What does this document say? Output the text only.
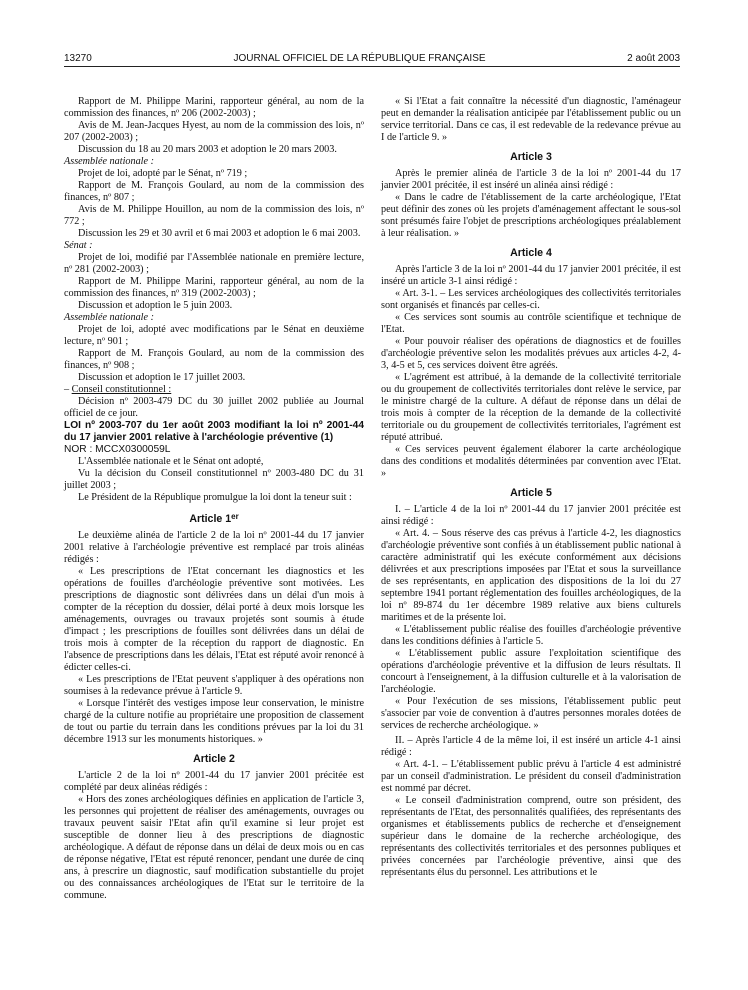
13270	JOURNAL OFFICIEL DE LA RÉPUBLIQUE FRANÇAISE	2 août 2003

Rapport de M. Philippe Marini, rapporteur général, au nom de la commission des finances, nº 206 (2002-2003) ;

Avis de M. Jean-Jacques Hyest, au nom de la commission des lois, nº 207 (2002-2003) ;

Discussion du 18 au 20 mars 2003 et adoption le 20 mars 2003.

Assemblée nationale :

Projet de loi, adopté par le Sénat, nº 719 ;

Rapport de M. François Goulard, au nom de la commission des finances, nº 807 ;

Avis de M. Philippe Houillon, au nom de la commission des lois, nº 772 ;

Discussion les 29 et 30 avril et 6 mai 2003 et adoption le 6 mai 2003.

Sénat :

Projet de loi, modifié par l'Assemblée nationale en première lecture, nº 281 (2002-2003) ;

Rapport de M. Philippe Marini, rapporteur général, au nom de la commission des finances, nº 319 (2002-2003) ;

Discussion et adoption le 5 juin 2003.

Assemblée nationale :

Projet de loi, adopté avec modifications par le Sénat en deuxième lecture, nº 901 ;

Rapport de M. François Goulard, au nom de la commission des finances, nº 908 ;

Discussion et adoption le 17 juillet 2003.

– Conseil constitutionnel :

Décision nº 2003-479 DC du 30 juillet 2002 publiée au Journal officiel de ce jour.

LOI nº 2003-707 du 1er août 2003 modifiant la loi nº 2001-44 du 17 janvier 2001 relative à l'archéologie préventive (1)

NOR : MCCX0300059L

L'Assemblée nationale et le Sénat ont adopté,

Vu la décision du Conseil constitutionnel nº 2003-480 DC du 31 juillet 2003 ;

Le Président de la République promulgue la loi dont la teneur suit :

Article 1er

Le deuxième alinéa de l'article 2 de la loi nº 2001-44 du 17 janvier 2001 relative à l'archéologie préventive est remplacé par trois alinéas rédigés :

« Les prescriptions de l'Etat concernant les diagnostics et les opérations de fouilles d'archéologie préventive sont motivées. Les prescriptions de diagnostic sont délivrées dans un délai d'un mois à compter de la réception du dossier, délai porté à deux mois lorsque les aménagements, ouvrages ou travaux projetés sont soumis à étude d'impact ; les prescriptions de fouilles sont délivrées dans un délai de trois mois à compter de la réception du rapport de diagnostic. En l'absence de prescriptions dans les délais, l'Etat est réputé avoir renoncé à édicter celles-ci.

« Les prescriptions de l'Etat peuvent s'appliquer à des opérations non soumises à la redevance prévue à l'article 9.

« Lorsque l'intérêt des vestiges impose leur conservation, le ministre chargé de la culture notifie au propriétaire une proposition de classement de tout ou partie du terrain dans les conditions prévues par la loi du 31 décembre 1913 sur les monuments historiques. »

Article 2

L'article 2 de la loi nº 2001-44 du 17 janvier 2001 précitée est complété par deux alinéas rédigés :

« Hors des zones archéologiques définies en application de l'article 3, les personnes qui projettent de réaliser des aménagements, ouvrages ou travaux peuvent saisir l'Etat afin qu'il examine si leur projet est susceptible de donner lieu à des prescriptions de diagnostic archéologique. A défaut de réponse dans un délai de deux mois ou en cas de réponse négative, l'Etat est réputé renoncer, pendant une durée de cinq ans, à prescrire un diagnostic, sauf modification substantielle du projet ou des connaissances archéologiques de l'Etat sur le territoire de la commune.

« Si l'Etat a fait connaître la nécessité d'un diagnostic, l'aménageur peut en demander la réalisation anticipée par l'établissement public ou un service territorial. Dans ce cas, il est redevable de la redevance prévue au I de l'article 9. »

Article 3

Après le premier alinéa de l'article 3 de la loi nº 2001-44 du 17 janvier 2001 précitée, il est inséré un alinéa ainsi rédigé :

« Dans le cadre de l'établissement de la carte archéologique, l'Etat peut définir des zones où les projets d'aménagement affectant le sous-sol sont présumés faire l'objet de prescriptions archéologiques préalablement à leur réalisation. »

Article 4

Après l'article 3 de la loi nº 2001-44 du 17 janvier 2001 précitée, il est inséré un article 3-1 ainsi rédigé :

« Art. 3-1. – Les services archéologiques des collectivités territoriales sont organisés et financés par celles-ci.

« Ces services sont soumis au contrôle scientifique et technique de l'Etat.

« Pour pouvoir réaliser des opérations de diagnostics et de fouilles d'archéologie préventive selon les modalités prévues aux articles 4-2, 4-3, 4-5 et 5, ces services doivent être agréés.

« L'agrément est attribué, à la demande de la collectivité territoriale ou du groupement de collectivités territoriales dont relève le service, par le ministre chargé de la culture. A défaut de réponse dans un délai de trois mois à compter de la réception de la demande de la collectivité territoriale ou du groupement de collectivités territoriales, l'agrément est réputé attribué.

« Ces services peuvent également élaborer la carte archéologique dans des conditions et modalités déterminées par convention avec l'Etat. »

Article 5

I. – L'article 4 de la loi nº 2001-44 du 17 janvier 2001 précitée est ainsi rédigé :

« Art. 4. – Sous réserve des cas prévus à l'article 4-2, les diagnostics d'archéologie préventive sont confiés à un établissement public national à caractère administratif qui les exécute conformément aux décisions délivrées et aux prescriptions imposées par l'Etat et sous la surveillance de ses représentants, en application des dispositions de la loi du 27 septembre 1941 portant réglementation des fouilles archéologiques, de la loi nº 89-874 du 1er décembre 1989 relative aux biens culturels maritimes et de la présente loi.

« L'établissement public réalise des fouilles d'archéologie préventive dans les conditions définies à l'article 5.

« L'établissement public assure l'exploitation scientifique des opérations d'archéologie préventive et la diffusion de leurs résultats. Il concourt à l'enseignement, à la diffusion culturelle et à la valorisation de l'archéologie.

« Pour l'exécution de ses missions, l'établissement public peut s'associer par voie de convention à d'autres personnes morales dotées de services de recherche archéologique. »

II. – Après l'article 4 de la même loi, il est inséré un article 4-1 ainsi rédigé :

« Art. 4-1. – L'établissement public prévu à l'article 4 est administré par un conseil d'administration. Le président du conseil d'administration est nommé par décret.

« Le conseil d'administration comprend, outre son président, des représentants de l'Etat, des personnalités qualifiées, des représentants des organismes et établissements publics de recherche et d'enseignement supérieur dans le domaine de la recherche archéologique, des représentants des collectivités territoriales et des personnes publiques et privées concernées par l'archéologie préventive, ainsi que des représentants élus du personnel. Les attributions et le
